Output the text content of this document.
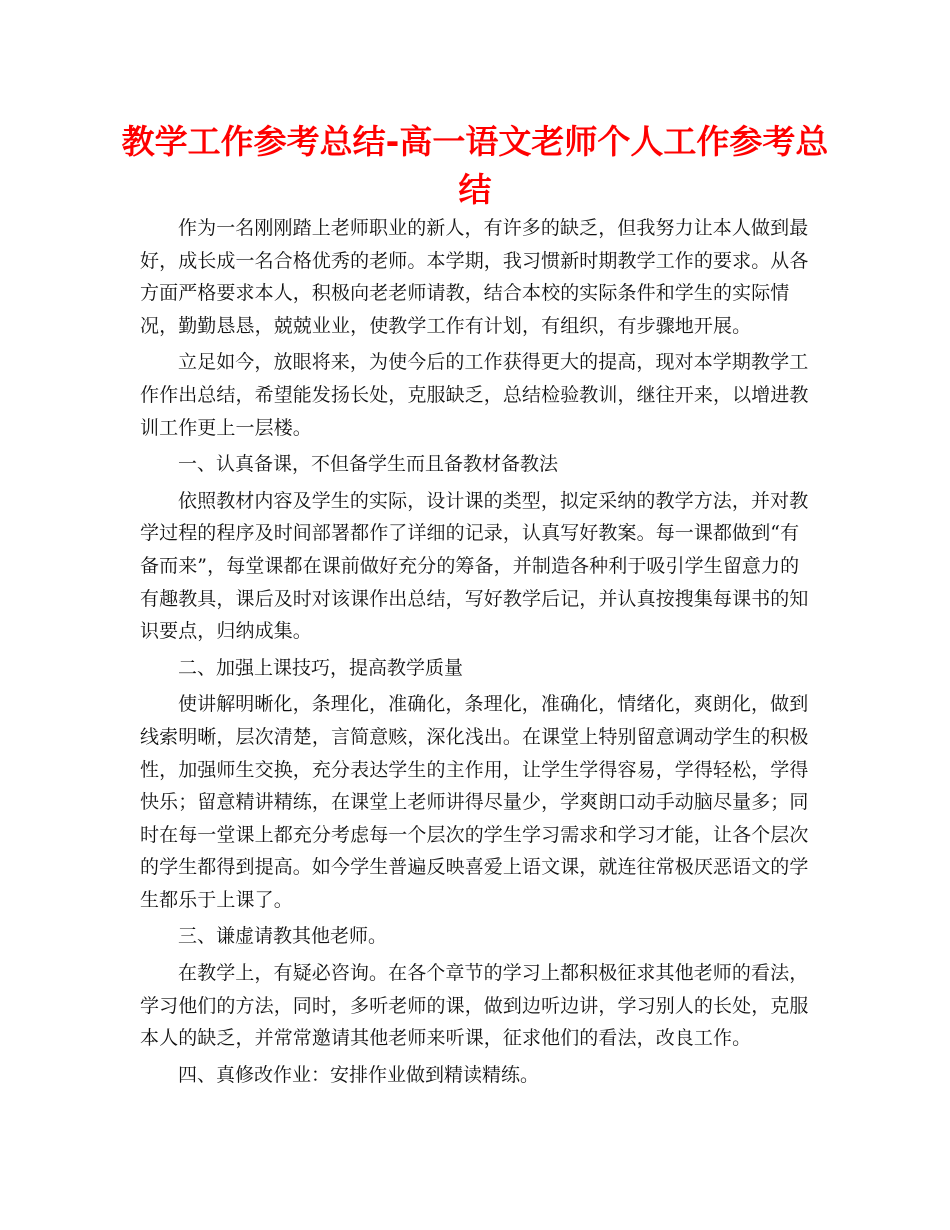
教学工作参考总结-高一语文老师个人工作参考总结

作为一名刚刚踏上老师职业的新人，有许多的缺乏，但我努力让本人做到最好，成长成一名合格优秀的老师。本学期，我习惯新时期教学工作的要求。从各方面严格要求本人，积极向老老师请教，结合本校的实际条件和学生的实际情况，勤勤恳恳，兢兢业业，使教学工作有计划，有组织，有步骤地开展。

立足如今，放眼将来，为使今后的工作获得更大的提高，现对本学期教学工作作出总结，希望能发扬长处，克服缺乏，总结检验教训，继往开来，以增进教训工作更上一层楼。

一、认真备课，不但备学生而且备教材备教法

依照教材内容及学生的实际，设计课的类型，拟定采纳的教学方法，并对教学过程的程序及时间部署都作了详细的记录，认真写好教案。每一课都做到“有备而来”，每堂课都在课前做好充分的筹备，并制造各种利于吸引学生留意力的有趣教具，课后及时对该课作出总结，写好教学后记，并认真按搜集每课书的知识要点，归纳成集。

二、加强上课技巧，提高教学质量

使讲解明晰化，条理化，准确化，条理化，准确化，情绪化，爽朗化，做到线索明晰，层次清楚，言简意赅，深化浅出。在课堂上特别留意调动学生的积极性，加强师生交换，充分表达学生的主作用，让学生学得容易，学得轻松，学得快乐；留意精讲精练，在课堂上老师讲得尽量少，学爽朗口动手动脑尽量多；同时在每一堂课上都充分考虑每一个层次的学生学习需求和学习才能，让各个层次的学生都得到提高。如今学生普遍反映喜爱上语文课，就连往常极厌恶语文的学生都乐于上课了。

三、谦虚请教其他老师。

在教学上，有疑必咨询。在各个章节的学习上都积极征求其他老师的看法，学习他们的方法，同时，多听老师的课，做到边听边讲，学习别人的长处，克服本人的缺乏，并常常邀请其他老师来听课，征求他们的看法，改良工作。

四、真修改作业：安排作业做到精读精练。
